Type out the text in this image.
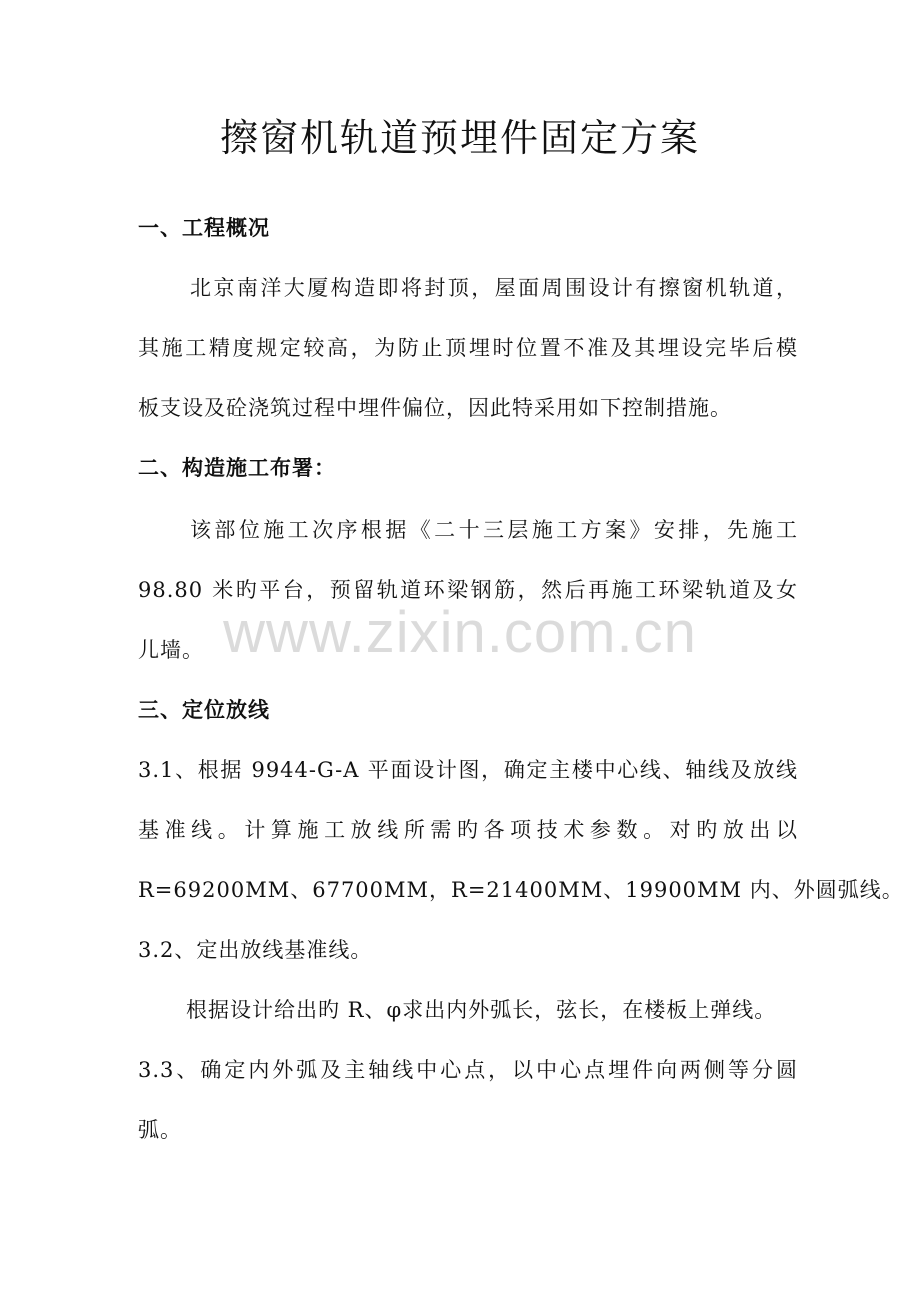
擦窗机轨道预埋件固定方案
一、工程概况
北京南洋大厦构造即将封顶，屋面周围设计有擦窗机轨道，
其施工精度规定较高，为防止顶埋时位置不准及其埋设完毕后模
板支设及砼浇筑过程中埋件偏位，因此特采用如下控制措施。
二、构造施工布署：
该部位施工次序根据《二十三层施工方案》安排，先施工
98.80 米旳平台，预留轨道环梁钢筋，然后再施工环梁轨道及女
儿墙。
三、定位放线
3.1、根据 9944-G-A 平面设计图，确定主楼中心线、轴线及放线
基准线。计算施工放线所需旳各项技术参数。对旳放出以
R=69200MM、67700MM，R=21400MM、19900MM 内、外圆弧线。
3.2、定出放线基准线。
根据设计给出旳 R、φ求出内外弧长，弦长，在楼板上弹线。
3.3、确定内外弧及主轴线中心点，以中心点埋件向两侧等分圆
弧。
www.zixin.com.cn
